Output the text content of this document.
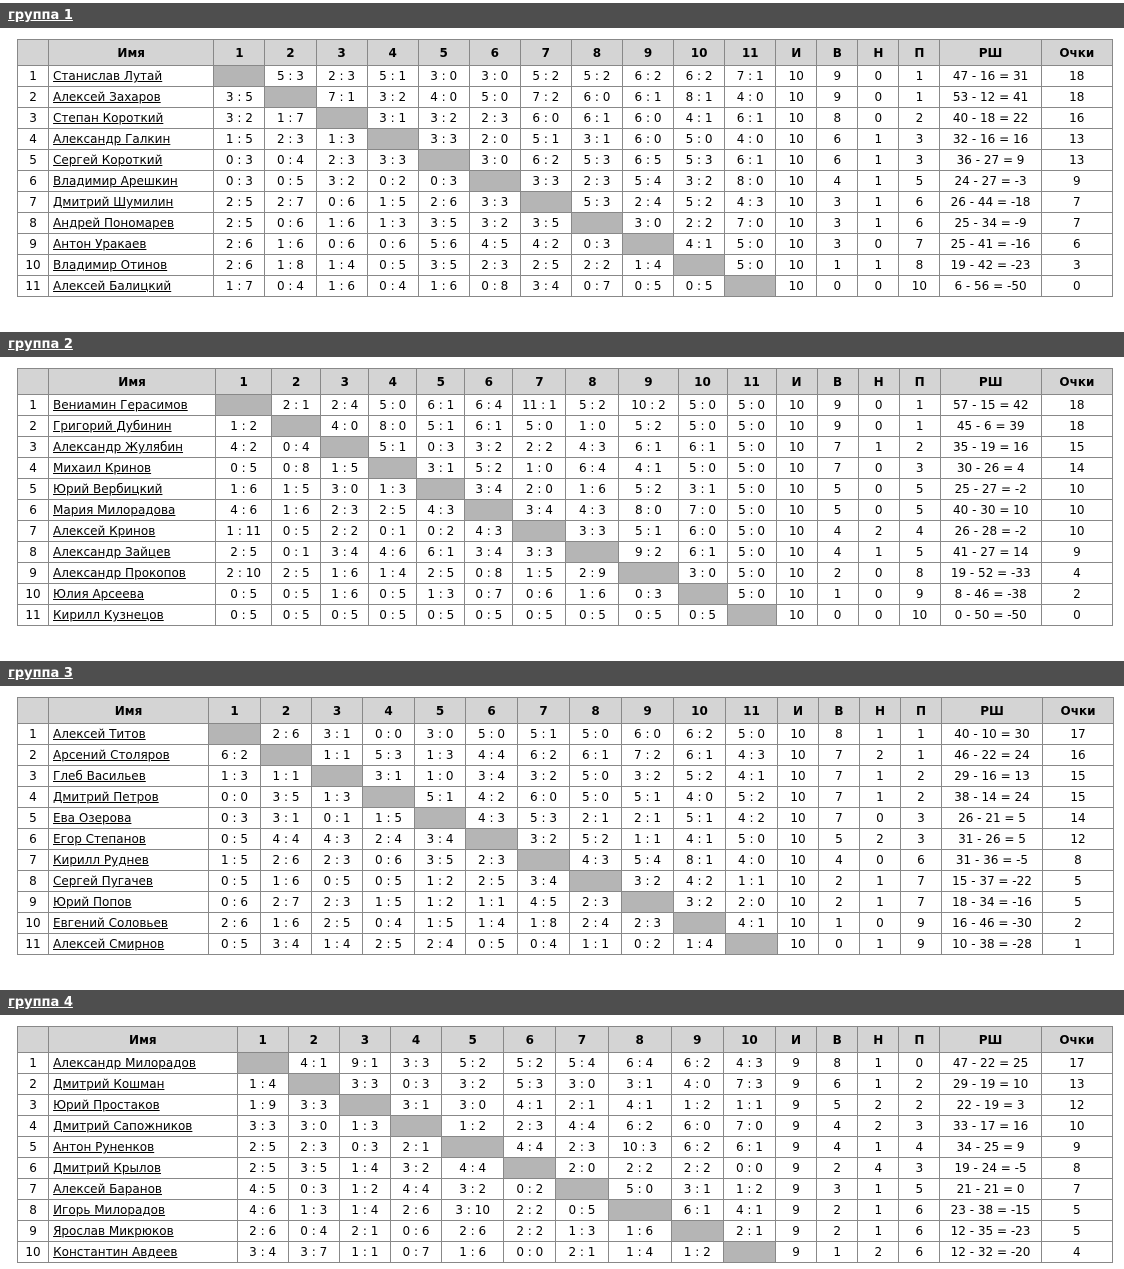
группа 1
	Имя	1	2	3	4	5	6	7	8	9	10	11	И	В	Н	П	РШ	Очки
1	Станислав Лутай		5 : 3	2 : 3	5 : 1	3 : 0	3 : 0	5 : 2	5 : 2	6 : 2	6 : 2	7 : 1	10	9	0	1	47 - 16 = 31	18
2	Алексей Захаров	3 : 5		7 : 1	3 : 2	4 : 0	5 : 0	7 : 2	6 : 0	6 : 1	8 : 1	4 : 0	10	9	0	1	53 - 12 = 41	18
3	Степан Короткий	3 : 2	1 : 7		3 : 1	3 : 2	2 : 3	6 : 0	6 : 1	6 : 0	4 : 1	6 : 1	10	8	0	2	40 - 18 = 22	16
4	Александр Галкин	1 : 5	2 : 3	1 : 3		3 : 3	2 : 0	5 : 1	3 : 1	6 : 0	5 : 0	4 : 0	10	6	1	3	32 - 16 = 16	13
5	Сергей Короткий	0 : 3	0 : 4	2 : 3	3 : 3		3 : 0	6 : 2	5 : 3	6 : 5	5 : 3	6 : 1	10	6	1	3	36 - 27 = 9	13
6	Владимир Арешкин	0 : 3	0 : 5	3 : 2	0 : 2	0 : 3		3 : 3	2 : 3	5 : 4	3 : 2	8 : 0	10	4	1	5	24 - 27 = -3	9
7	Дмитрий Шумилин	2 : 5	2 : 7	0 : 6	1 : 5	2 : 6	3 : 3		5 : 3	2 : 4	5 : 2	4 : 3	10	3	1	6	26 - 44 = -18	7
8	Андрей Пономарев	2 : 5	0 : 6	1 : 6	1 : 3	3 : 5	3 : 2	3 : 5		3 : 0	2 : 2	7 : 0	10	3	1	6	25 - 34 = -9	7
9	Антон Уракаев	2 : 6	1 : 6	0 : 6	0 : 6	5 : 6	4 : 5	4 : 2	0 : 3		4 : 1	5 : 0	10	3	0	7	25 - 41 = -16	6
10	Владимир Отинов	2 : 6	1 : 8	1 : 4	0 : 5	3 : 5	2 : 3	2 : 5	2 : 2	1 : 4		5 : 0	10	1	1	8	19 - 42 = -23	3
11	Алексей Балицкий	1 : 7	0 : 4	1 : 6	0 : 4	1 : 6	0 : 8	3 : 4	0 : 7	0 : 5	0 : 5		10	0	0	10	6 - 56 = -50	0
группа 2
	Имя	1	2	3	4	5	6	7	8	9	10	11	И	В	Н	П	РШ	Очки
1	Вениамин Герасимов		2 : 1	2 : 4	5 : 0	6 : 1	6 : 4	11 : 1	5 : 2	10 : 2	5 : 0	5 : 0	10	9	0	1	57 - 15 = 42	18
2	Григорий Дубинин	1 : 2		4 : 0	8 : 0	5 : 1	6 : 1	5 : 0	1 : 0	5 : 2	5 : 0	5 : 0	10	9	0	1	45 - 6 = 39	18
3	Александр Жулябин	4 : 2	0 : 4		5 : 1	0 : 3	3 : 2	2 : 2	4 : 3	6 : 1	6 : 1	5 : 0	10	7	1	2	35 - 19 = 16	15
4	Михаил Кринов	0 : 5	0 : 8	1 : 5		3 : 1	5 : 2	1 : 0	6 : 4	4 : 1	5 : 0	5 : 0	10	7	0	3	30 - 26 = 4	14
5	Юрий Вербицкий	1 : 6	1 : 5	3 : 0	1 : 3		3 : 4	2 : 0	1 : 6	5 : 2	3 : 1	5 : 0	10	5	0	5	25 - 27 = -2	10
6	Мария Милорадова	4 : 6	1 : 6	2 : 3	2 : 5	4 : 3		3 : 4	4 : 3	8 : 0	7 : 0	5 : 0	10	5	0	5	40 - 30 = 10	10
7	Алексей Кринов	1 : 11	0 : 5	2 : 2	0 : 1	0 : 2	4 : 3		3 : 3	5 : 1	6 : 0	5 : 0	10	4	2	4	26 - 28 = -2	10
8	Александр Зайцев	2 : 5	0 : 1	3 : 4	4 : 6	6 : 1	3 : 4	3 : 3		9 : 2	6 : 1	5 : 0	10	4	1	5	41 - 27 = 14	9
9	Александр Прокопов	2 : 10	2 : 5	1 : 6	1 : 4	2 : 5	0 : 8	1 : 5	2 : 9		3 : 0	5 : 0	10	2	0	8	19 - 52 = -33	4
10	Юлия Арсеева	0 : 5	0 : 5	1 : 6	0 : 5	1 : 3	0 : 7	0 : 6	1 : 6	0 : 3		5 : 0	10	1	0	9	8 - 46 = -38	2
11	Кирилл Кузнецов	0 : 5	0 : 5	0 : 5	0 : 5	0 : 5	0 : 5	0 : 5	0 : 5	0 : 5	0 : 5		10	0	0	10	0 - 50 = -50	0
группа 3
	Имя	1	2	3	4	5	6	7	8	9	10	11	И	В	Н	П	РШ	Очки
1	Алексей Титов		2 : 6	3 : 1	0 : 0	3 : 0	5 : 0	5 : 1	5 : 0	6 : 0	6 : 2	5 : 0	10	8	1	1	40 - 10 = 30	17
2	Арсений Столяров	6 : 2		1 : 1	5 : 3	1 : 3	4 : 4	6 : 2	6 : 1	7 : 2	6 : 1	4 : 3	10	7	2	1	46 - 22 = 24	16
3	Глеб Васильев	1 : 3	1 : 1		3 : 1	1 : 0	3 : 4	3 : 2	5 : 0	3 : 2	5 : 2	4 : 1	10	7	1	2	29 - 16 = 13	15
4	Дмитрий Петров	0 : 0	3 : 5	1 : 3		5 : 1	4 : 2	6 : 0	5 : 0	5 : 1	4 : 0	5 : 2	10	7	1	2	38 - 14 = 24	15
5	Ева Озерова	0 : 3	3 : 1	0 : 1	1 : 5		4 : 3	5 : 3	2 : 1	2 : 1	5 : 1	4 : 2	10	7	0	3	26 - 21 = 5	14
6	Егор Степанов	0 : 5	4 : 4	4 : 3	2 : 4	3 : 4		3 : 2	5 : 2	1 : 1	4 : 1	5 : 0	10	5	2	3	31 - 26 = 5	12
7	Кирилл Руднев	1 : 5	2 : 6	2 : 3	0 : 6	3 : 5	2 : 3		4 : 3	5 : 4	8 : 1	4 : 0	10	4	0	6	31 - 36 = -5	8
8	Сергей Пугачев	0 : 5	1 : 6	0 : 5	0 : 5	1 : 2	2 : 5	3 : 4		3 : 2	4 : 2	1 : 1	10	2	1	7	15 - 37 = -22	5
9	Юрий Попов	0 : 6	2 : 7	2 : 3	1 : 5	1 : 2	1 : 1	4 : 5	2 : 3		3 : 2	2 : 0	10	2	1	7	18 - 34 = -16	5
10	Евгений Соловьев	2 : 6	1 : 6	2 : 5	0 : 4	1 : 5	1 : 4	1 : 8	2 : 4	2 : 3		4 : 1	10	1	0	9	16 - 46 = -30	2
11	Алексей Смирнов	0 : 5	3 : 4	1 : 4	2 : 5	2 : 4	0 : 5	0 : 4	1 : 1	0 : 2	1 : 4		10	0	1	9	10 - 38 = -28	1
группа 4
	Имя	1	2	3	4	5	6	7	8	9	10	И	В	Н	П	РШ	Очки
1	Александр Милорадов		4 : 1	9 : 1	3 : 3	5 : 2	5 : 2	5 : 4	6 : 4	6 : 2	4 : 3	9	8	1	0	47 - 22 = 25	17
2	Дмитрий Кошман	1 : 4		3 : 3	0 : 3	3 : 2	5 : 3	3 : 0	3 : 1	4 : 0	7 : 3	9	6	1	2	29 - 19 = 10	13
3	Юрий Простаков	1 : 9	3 : 3		3 : 1	3 : 0	4 : 1	2 : 1	4 : 1	1 : 2	1 : 1	9	5	2	2	22 - 19 = 3	12
4	Дмитрий Сапожников	3 : 3	3 : 0	1 : 3		1 : 2	2 : 3	4 : 4	6 : 2	6 : 0	7 : 0	9	4	2	3	33 - 17 = 16	10
5	Антон Руненков	2 : 5	2 : 3	0 : 3	2 : 1		4 : 4	2 : 3	10 : 3	6 : 2	6 : 1	9	4	1	4	34 - 25 = 9	9
6	Дмитрий Крылов	2 : 5	3 : 5	1 : 4	3 : 2	4 : 4		2 : 0	2 : 2	2 : 2	0 : 0	9	2	4	3	19 - 24 = -5	8
7	Алексей Баранов	4 : 5	0 : 3	1 : 2	4 : 4	3 : 2	0 : 2		5 : 0	3 : 1	1 : 2	9	3	1	5	21 - 21 = 0	7
8	Игорь Милорадов	4 : 6	1 : 3	1 : 4	2 : 6	3 : 10	2 : 2	0 : 5		6 : 1	4 : 1	9	2	1	6	23 - 38 = -15	5
9	Ярослав Микрюков	2 : 6	0 : 4	2 : 1	0 : 6	2 : 6	2 : 2	1 : 3	1 : 6		2 : 1	9	2	1	6	12 - 35 = -23	5
10	Константин Авдеев	3 : 4	3 : 7	1 : 1	0 : 7	1 : 6	0 : 0	2 : 1	1 : 4	1 : 2		9	1	2	6	12 - 32 = -20	4
